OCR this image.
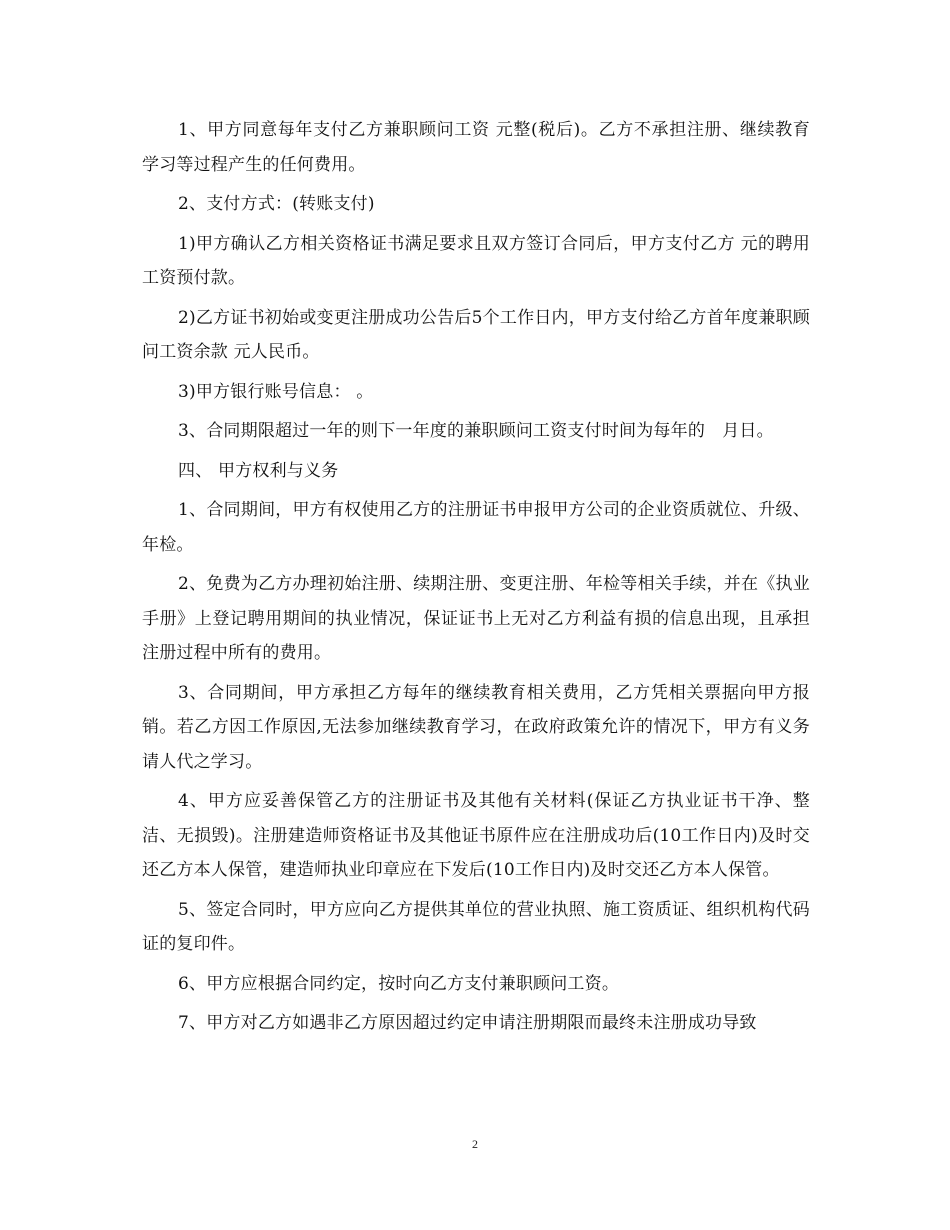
1、甲方同意每年支付乙方兼职顾问工资 元整(税后)。乙方不承担注册、继续教育学习等过程产生的任何费用。

2、支付方式：(转账支付)

1)甲方确认乙方相关资格证书满足要求且双方签订合同后，甲方支付乙方 元的聘用工资预付款。

2)乙方证书初始或变更注册成功公告后5个工作日内，甲方支付给乙方首年度兼职顾问工资余款 元人民币。

3)甲方银行账号信息： 。

3、合同期限超过一年的则下一年度的兼职顾问工资支付时间为每年的　月日。

四、 甲方权利与义务

1、合同期间，甲方有权使用乙方的注册证书申报甲方公司的企业资质就位、升级、年检。

2、免费为乙方办理初始注册、续期注册、变更注册、年检等相关手续，并在《执业手册》上登记聘用期间的执业情况，保证证书上无对乙方利益有损的信息出现，且承担注册过程中所有的费用。

3、合同期间，甲方承担乙方每年的继续教育相关费用，乙方凭相关票据向甲方报销。若乙方因工作原因,无法参加继续教育学习，在政府政策允许的情况下，甲方有义务请人代之学习。

4、甲方应妥善保管乙方的注册证书及其他有关材料(保证乙方执业证书干净、整洁、无损毁)。注册建造师资格证书及其他证书原件应在注册成功后(10工作日内)及时交还乙方本人保管，建造师执业印章应在下发后(10工作日内)及时交还乙方本人保管。

5、签定合同时，甲方应向乙方提供其单位的营业执照、施工资质证、组织机构代码证的复印件。

6、甲方应根据合同约定，按时向乙方支付兼职顾问工资。

7、甲方对乙方如遇非乙方原因超过约定申请注册期限而最终未注册成功导致

2
